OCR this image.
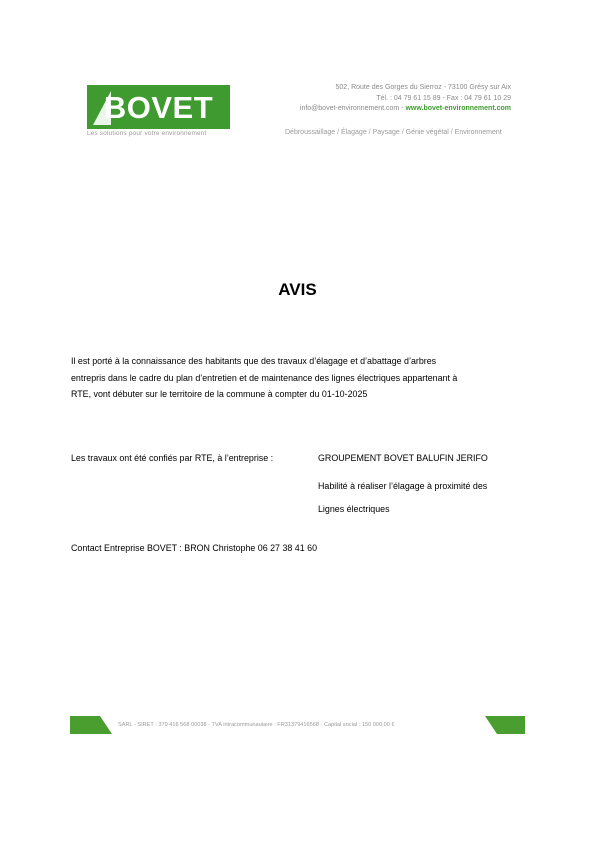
BOVET
Les solutions pour votre environnement
502, Route des Gorges du Sierroz - 73100 Grésy sur Aix
Tél. : 04 79 61 15 89 - Fax : 04 79 61 10 29
info@bovet-environnement.com - www.bovet-environnement.com
Débroussaillage / Élagage / Paysage / Génie végétal / Environnement
AVIS

Il est porté à la connaissance des habitants que des travaux d’élagage et d’abattage d’arbres

entrepris dans le cadre du plan d’entretien et de maintenance des lignes électriques appartenant à

RTE, vont débuter sur le territoire de la commune à compter du 01-10-2025

Les travaux ont été confiés par RTE, à l’entreprise :	GROUPEMENT BOVET BALUFIN JERIFO

Habilité à réaliser l’élagage à proximité des

Lignes électriques

Contact Entreprise BOVET : BRON Christophe 06 27 38 41 60
SARL - SIRET : 379 416 568 00038 - TVA intracommunautaire : FR31379416568 - Capital social : 150 000,00 €
